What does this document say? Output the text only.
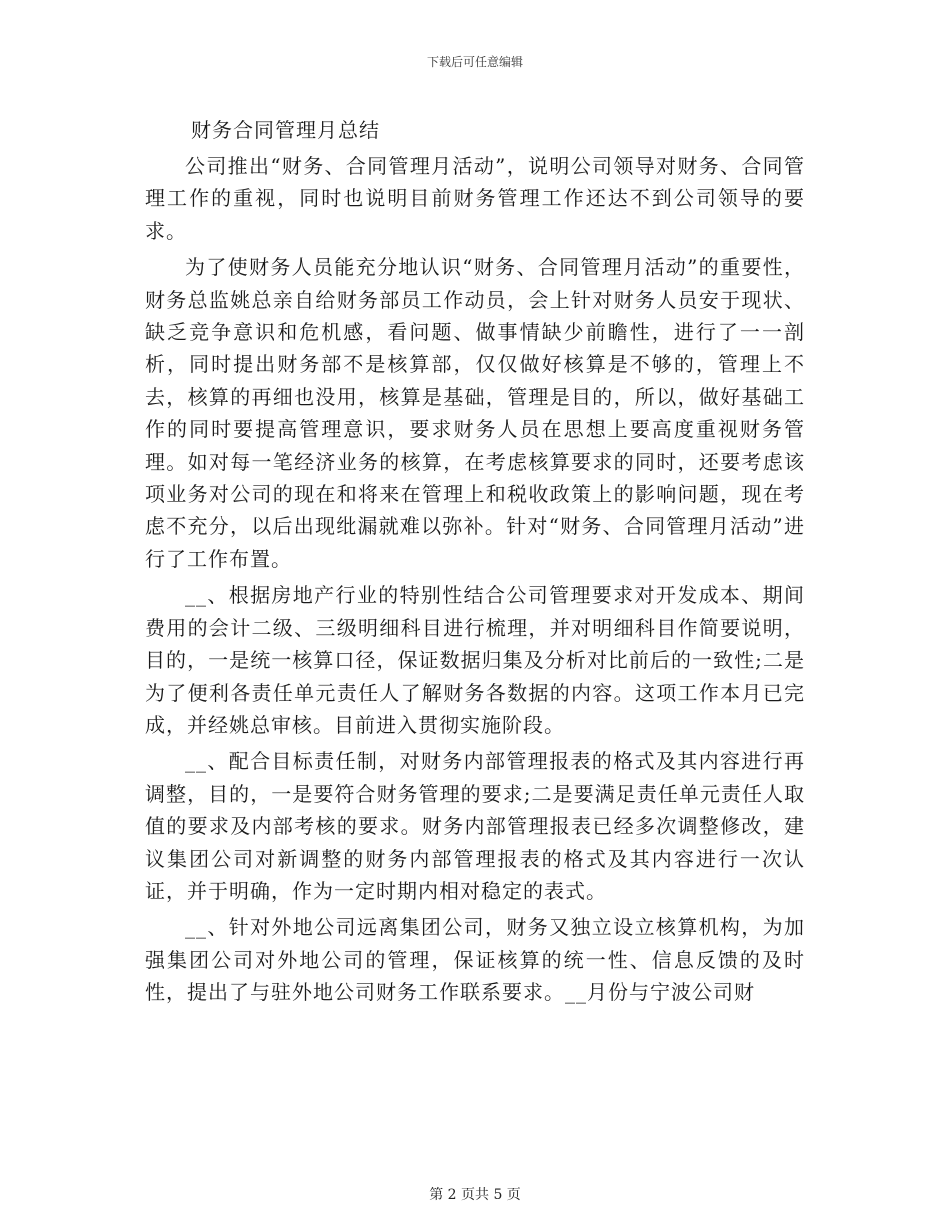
下载后可任意编辑
财务合同管理月总结

公司推出“财务、合同管理月活动”，说明公司领导对财务、合同管理工作的重视，同时也说明目前财务管理工作还达不到公司领导的要求。

为了使财务人员能充分地认识“财务、合同管理月活动”的重要性，财务总监姚总亲自给财务部员工作动员，会上针对财务人员安于现状、缺乏竞争意识和危机感，看问题、做事情缺少前瞻性，进行了一一剖析，同时提出财务部不是核算部，仅仅做好核算是不够的，管理上不去，核算的再细也没用，核算是基础，管理是目的，所以，做好基础工作的同时要提高管理意识，要求财务人员在思想上要高度重视财务管理。如对每一笔经济业务的核算，在考虑核算要求的同时，还要考虑该项业务对公司的现在和将来在管理上和税收政策上的影响问题，现在考虑不充分，以后出现纰漏就难以弥补。针对“财务、合同管理月活动”进行了工作布置。

__、根据房地产行业的特别性结合公司管理要求对开发成本、期间费用的会计二级、三级明细科目进行梳理，并对明细科目作简要说明，目的，一是统一核算口径，保证数据归集及分析对比前后的一致性;二是为了便利各责任单元责任人了解财务各数据的内容。这项工作本月已完成，并经姚总审核。目前进入贯彻实施阶段。

__、配合目标责任制，对财务内部管理报表的格式及其内容进行再调整，目的，一是要符合财务管理的要求;二是要满足责任单元责任人取值的要求及内部考核的要求。财务内部管理报表已经多次调整修改，建议集团公司对新调整的财务内部管理报表的格式及其内容进行一次认证，并于明确，作为一定时期内相对稳定的表式。

__、针对外地公司远离集团公司，财务又独立设立核算机构，为加强集团公司对外地公司的管理，保证核算的统一性、信息反馈的及时性，提出了与驻外地公司财务工作联系要求。__月份与宁波公司财

第 2 页共 5 页
